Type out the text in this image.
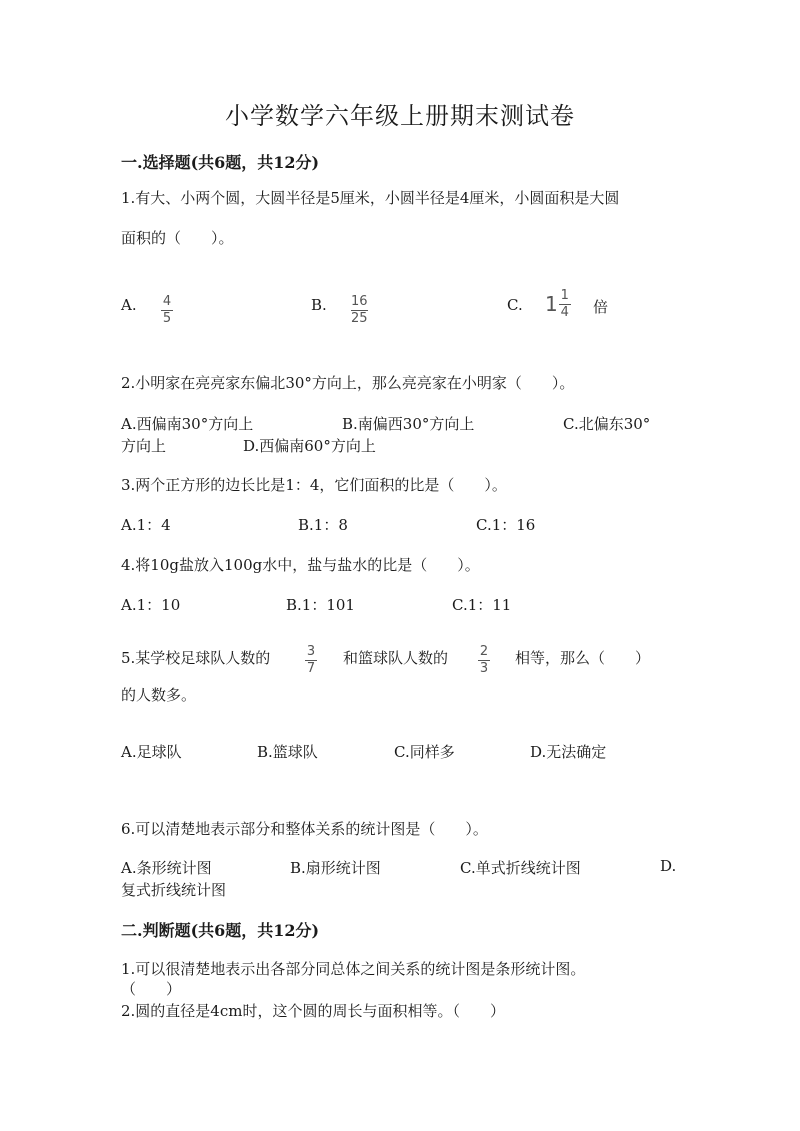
小学数学六年级上册期末测试卷
一.选择题(共6题，共12分)
1.有大、小两个圆，大圆半径是5厘米，小圆半径是4厘米，小圆面积是大圆
面积的（　　）。
A. $\frac{4}{5}$	B. $\frac{16}{25}$	C. $1 \frac{1}{4}$ 倍
2.小明家在亮亮家东偏北30°方向上，那么亮亮家在小明家（　　）。
A.西偏南30°方向上	B.南偏西30°方向上	C.北偏东30°
方向上	D.西偏南60°方向上
3.两个正方形的边长比是1：4，它们面积的比是（　　）。
A.1：4	B.1：8	C.1：16
4.将10g盐放入100g水中，盐与盐水的比是（　　）。
A.1：10	B.1：101	C.1：11
5.某学校足球队人数的	$\frac{3}{7}$ 和篮球队人数的 $\frac{2}{3}$ 相等，那么（　　）
的人数多。
A.足球队	B.篮球队	C.同样多	D.无法确定
6.可以清楚地表示部分和整体关系的统计图是（　　）。
A.条形统计图	B.扇形统计图	C.单式折线统计图	D.
复式折线统计图
二.判断题(共6题，共12分)
1.可以很清楚地表示出各部分同总体之间关系的统计图是条形统计图。
（　　）
2.圆的直径是4cm时，这个圆的周长与面积相等。（　　）
